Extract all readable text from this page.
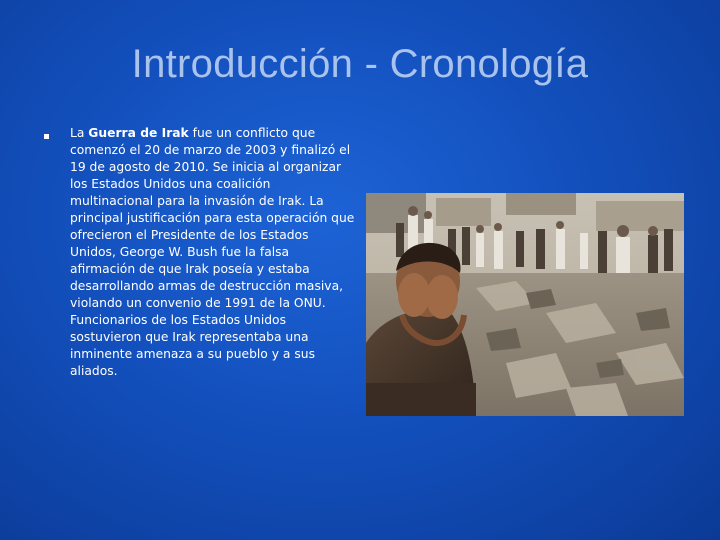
Introducción - Cronología

La Guerra de Irak fue un conflicto que comenzó el 20 de marzo de 2003 y finalizó el 19 de agosto de 2010. Se inicia al organizar los Estados Unidos una coalición multinacional para la invasión de Irak. La principal justificación para esta operación que ofrecieron el Presidente de los Estados Unidos, George W. Bush fue la falsa afirmación de que Irak poseía y estaba desarrollando armas de destrucción masiva, violando un convenio de 1991 de la ONU. Funcionarios de los Estados Unidos sostuvieron que Irak representaba una inminente amenaza a su pueblo y a sus aliados.
